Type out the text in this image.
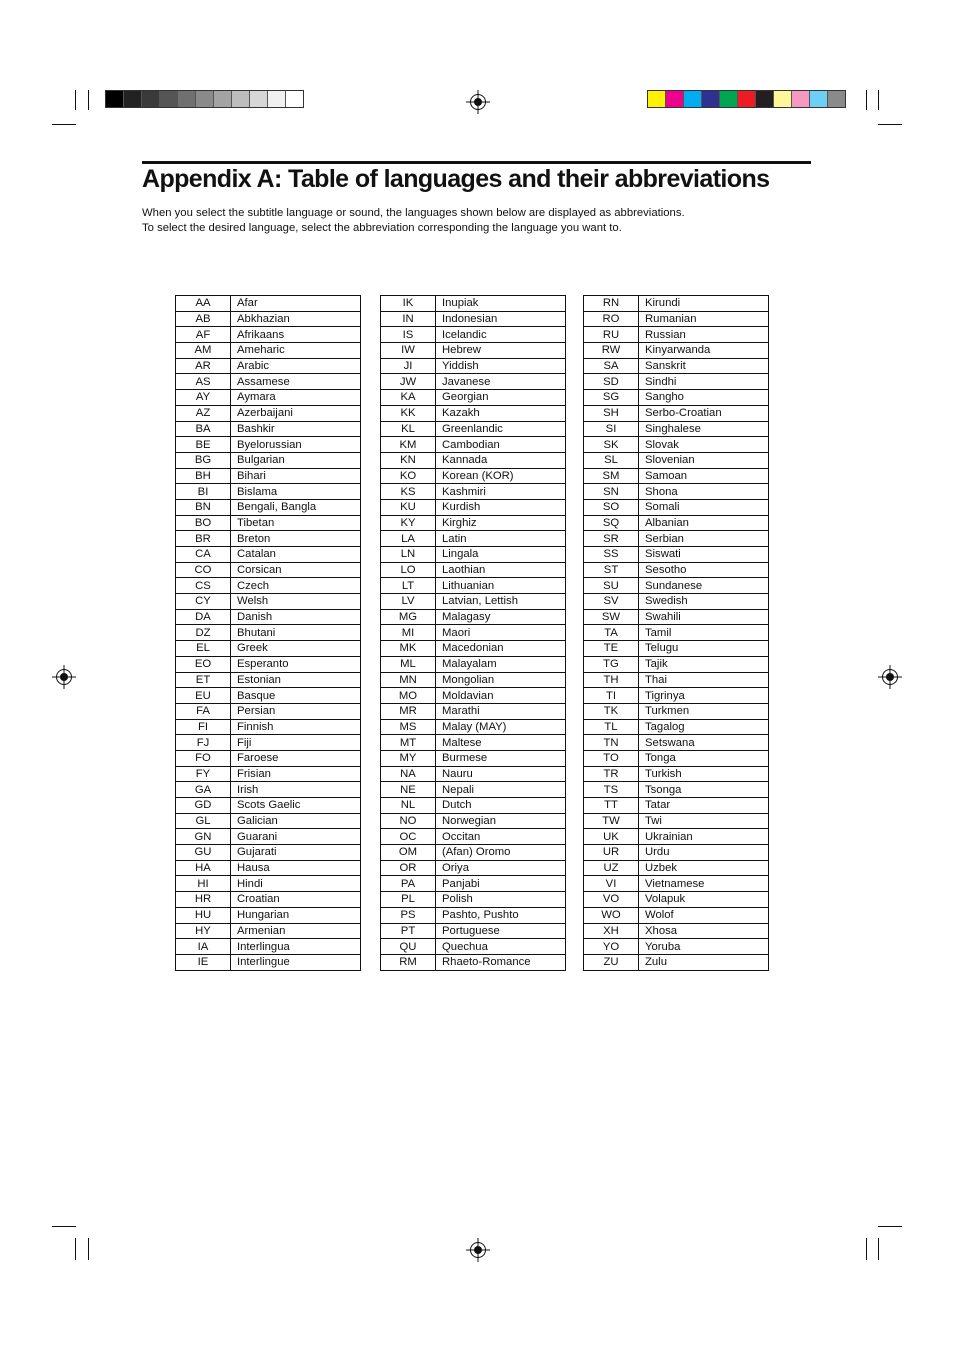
Appendix A: Table of languages and their abbreviations
When you select the subtitle language or sound, the languages shown below are displayed as abbreviations.
To select the desired language, select the abbreviation corresponding the language you want to.
AA	Afar
AB	Abkhazian
AF	Afrikaans
AM	Ameharic
AR	Arabic
AS	Assamese
AY	Aymara
AZ	Azerbaijani
BA	Bashkir
BE	Byelorussian
BG	Bulgarian
BH	Bihari
BI	Bislama
BN	Bengali, Bangla
BO	Tibetan
BR	Breton
CA	Catalan
CO	Corsican
CS	Czech
CY	Welsh
DA	Danish
DZ	Bhutani
EL	Greek
EO	Esperanto
ET	Estonian
EU	Basque
FA	Persian
FI	Finnish
FJ	Fiji
FO	Faroese
FY	Frisian
GA	Irish
GD	Scots Gaelic
GL	Galician
GN	Guarani
GU	Gujarati
HA	Hausa
HI	Hindi
HR	Croatian
HU	Hungarian
HY	Armenian
IA	Interlingua
IE	Interlingue
IK	Inupiak
IN	Indonesian
IS	Icelandic
IW	Hebrew
JI	Yiddish
JW	Javanese
KA	Georgian
KK	Kazakh
KL	Greenlandic
KM	Cambodian
KN	Kannada
KO	Korean (KOR)
KS	Kashmiri
KU	Kurdish
KY	Kirghiz
LA	Latin
LN	Lingala
LO	Laothian
LT	Lithuanian
LV	Latvian, Lettish
MG	Malagasy
MI	Maori
MK	Macedonian
ML	Malayalam
MN	Mongolian
MO	Moldavian
MR	Marathi
MS	Malay (MAY)
MT	Maltese
MY	Burmese
NA	Nauru
NE	Nepali
NL	Dutch
NO	Norwegian
OC	Occitan
OM	(Afan) Oromo
OR	Oriya
PA	Panjabi
PL	Polish
PS	Pashto, Pushto
PT	Portuguese
QU	Quechua
RM	Rhaeto-Romance
RN	Kirundi
RO	Rumanian
RU	Russian
RW	Kinyarwanda
SA	Sanskrit
SD	Sindhi
SG	Sangho
SH	Serbo-Croatian
SI	Singhalese
SK	Slovak
SL	Slovenian
SM	Samoan
SN	Shona
SO	Somali
SQ	Albanian
SR	Serbian
SS	Siswati
ST	Sesotho
SU	Sundanese
SV	Swedish
SW	Swahili
TA	Tamil
TE	Telugu
TG	Tajik
TH	Thai
TI	Tigrinya
TK	Turkmen
TL	Tagalog
TN	Setswana
TO	Tonga
TR	Turkish
TS	Tsonga
TT	Tatar
TW	Twi
UK	Ukrainian
UR	Urdu
UZ	Uzbek
VI	Vietnamese
VO	Volapuk
WO	Wolof
XH	Xhosa
YO	Yoruba
ZU	Zulu
